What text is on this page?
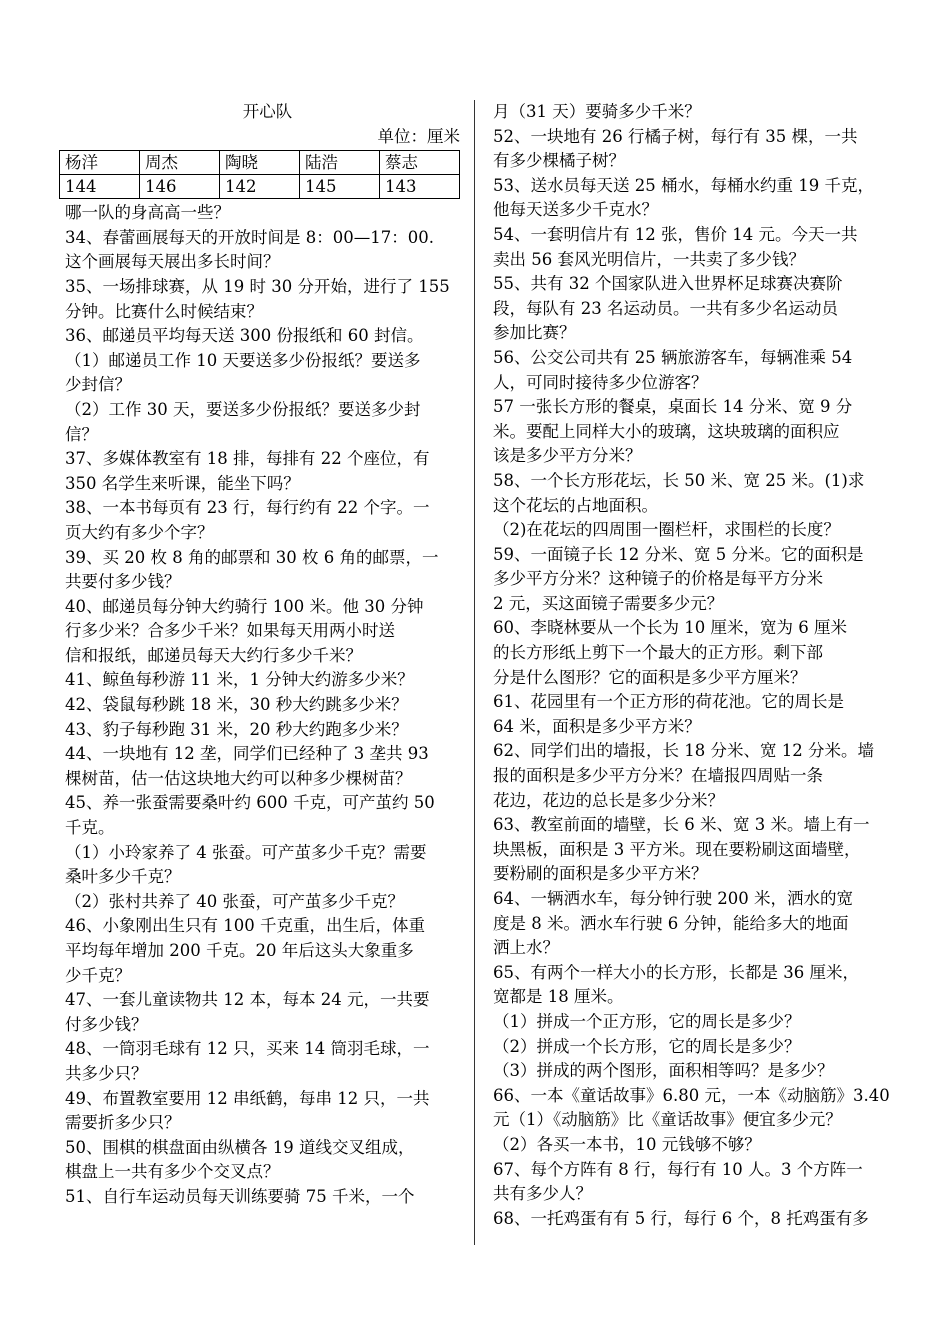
开心队
单位：厘米
杨洋	周杰	陶晓	陆浩	蔡志
144	146	142	145	143
哪一队的身高高一些？
34、春蕾画展每天的开放时间是 8：00—17：00.
这个画展每天展出多长时间？
35、一场排球赛，从 19 时 30 分开始，进行了 155
分钟。比赛什么时候结束？
36、邮递员平均每天送 300 份报纸和 60 封信。
（1）邮递员工作 10 天要送多少份报纸？要送多
少封信？
（2）工作 30 天，要送多少份报纸？要送多少封
信？
37、多媒体教室有 18 排，每排有 22 个座位，有
350 名学生来听课，能坐下吗？
38、一本书每页有 23 行，每行约有 22 个字。一
页大约有多少个字？
39、买 20 枚 8 角的邮票和 30 枚 6 角的邮票，一
共要付多少钱？
40、邮递员每分钟大约骑行 100 米。他 30 分钟
行多少米？合多少千米？如果每天用两小时送
信和报纸，邮递员每天大约行多少千米？
41、鲸鱼每秒游 11 米，1 分钟大约游多少米？
42、袋鼠每秒跳 18 米，30 秒大约跳多少米？
43、豹子每秒跑 31 米，20 秒大约跑多少米？
44、一块地有 12 垄，同学们已经种了 3 垄共 93
棵树苗，估一估这块地大约可以种多少棵树苗？
45、养一张蚕需要桑叶约 600 千克，可产茧约 50
千克。
（1）小玲家养了 4 张蚕。可产茧多少千克？需要
桑叶多少千克？
（2）张村共养了 40 张蚕，可产茧多少千克？
46、小象刚出生只有 100 千克重，出生后，体重
平均每年增加 200 千克。20 年后这头大象重多
少千克？
47、一套儿童读物共 12 本，每本 24 元，一共要
付多少钱？
48、一筒羽毛球有 12 只，买来 14 筒羽毛球，一
共多少只？
49、布置教室要用 12 串纸鹤，每串 12 只，一共
需要折多少只？
50、围棋的棋盘面由纵横各 19 道线交叉组成，
棋盘上一共有多少个交叉点？
51、自行车运动员每天训练要骑 75 千米，一个
月（31 天）要骑多少千米？
52、一块地有 26 行橘子树，每行有 35 棵，一共
有多少棵橘子树？
53、送水员每天送 25 桶水，每桶水约重 19 千克，
他每天送多少千克水？
54、一套明信片有 12 张，售价 14 元。今天一共
卖出 56 套风光明信片，一共卖了多少钱？
55、共有 32 个国家队进入世界杯足球赛决赛阶
段，每队有 23 名运动员。一共有多少名运动员
参加比赛？
56、公交公司共有 25 辆旅游客车，每辆准乘 54
人，可同时接待多少位游客？
57 一张长方形的餐桌，桌面长 14 分米、宽 9 分
米。要配上同样大小的玻璃，这块玻璃的面积应
该是多少平方分米？
58、一个长方形花坛，长 50 米、宽 25 米。(1)求
这个花坛的占地面积。
（2)在花坛的四周围一圈栏杆，求围栏的长度？
59、一面镜子长 12 分米、宽 5 分米。它的面积是
多少平方分米？这种镜子的价格是每平方分米
2 元，买这面镜子需要多少元？
60、李晓林要从一个长为 10 厘米，宽为 6 厘米
的长方形纸上剪下一个最大的正方形。剩下部
分是什么图形？它的面积是多少平方厘米？
61、花园里有一个正方形的荷花池。它的周长是
64 米，面积是多少平方米？
62、同学们出的墙报，长 18 分米、宽 12 分米。墙
报的面积是多少平方分米？在墙报四周贴一条
花边，花边的总长是多少分米？
63、教室前面的墙壁，长 6 米、宽 3 米。墙上有一
块黑板，面积是 3 平方米。现在要粉刷这面墙壁，
要粉刷的面积是多少平方米？
64、一辆洒水车，每分钟行驶 200 米，洒水的宽
度是 8 米。洒水车行驶 6 分钟，能给多大的地面
洒上水？
65、有两个一样大小的长方形，长都是 36 厘米，
宽都是 18 厘米。
（1）拼成一个正方形，它的周长是多少？
（2）拼成一个长方形，它的周长是多少？
（3）拼成的两个图形，面积相等吗？是多少？
66、一本《童话故事》6.80 元，一本《动脑筋》3.40
元（1）《动脑筋》比《童话故事》便宜多少元？
（2）各买一本书，10 元钱够不够？
67、每个方阵有 8 行，每行有 10 人。3 个方阵一
共有多少人？
68、一托鸡蛋有有 5 行，每行 6 个，8 托鸡蛋有多
